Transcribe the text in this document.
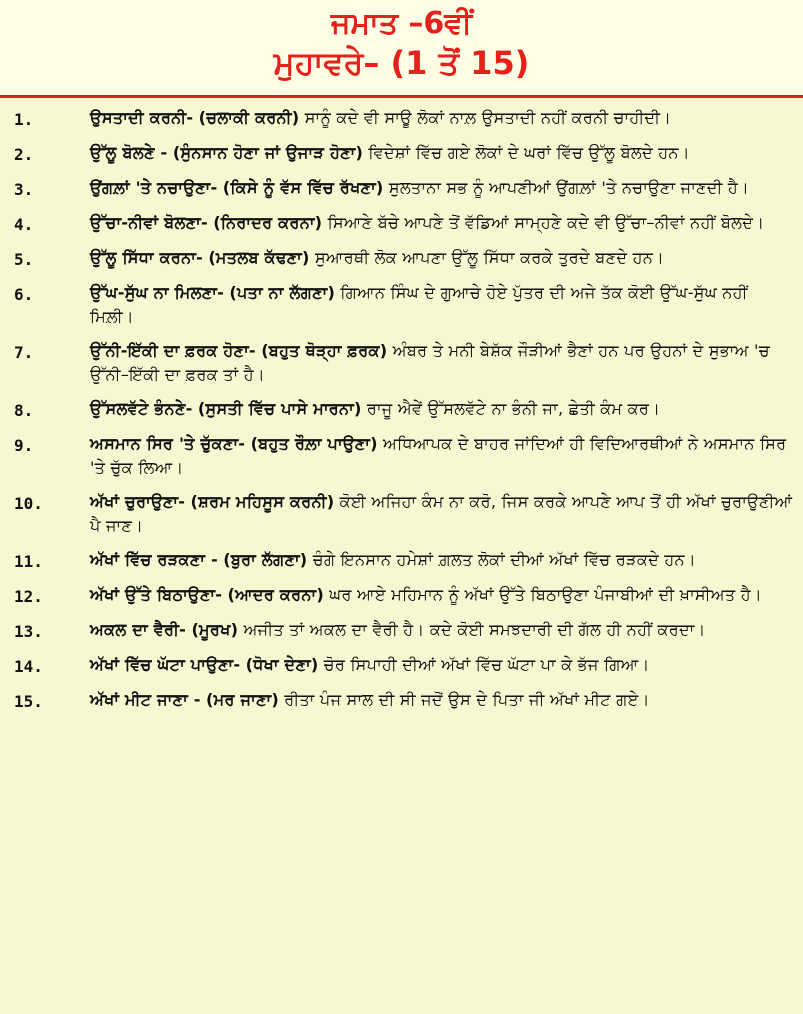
ਜਮਾਤ –6ਵੀਂ
ਮੁਹਾਵਰੇ– (1 ਤੋਂ 15)
1.	ਉਸਤਾਦੀ ਕਰਨੀ- (ਚਲਾਕੀ ਕਰਨੀ) ਸਾਨੂੰ ਕਦੇ ਵੀ ਸਾਊ ਲੋਕਾਂ ਨਾਲ਼ ਉਸਤਾਦੀ ਨਹੀਂ ਕਰਨੀ ਚਾਹੀਦੀ।
2.	ਉੱਲੂ ਬੋਲਣੇ - (ਸੁੰਨਸਾਨ ਹੋਣਾ ਜਾਂ ਉਜਾੜ ਹੋਣਾ) ਵਿਦੇਸ਼ਾਂ ਵਿੱਚ ਗਏ ਲੋਕਾਂ ਦੇ ਘਰਾਂ ਵਿੱਚ ਉੱਲੂ ਬੋਲਦੇ ਹਨ।
3.	ਉਂਗਲ਼ਾਂ 'ਤੇ ਨਚਾਉਣਾ- (ਕਿਸੇ ਨੂੰ ਵੱਸ ਵਿੱਚ ਰੱਖਣਾ) ਸੁਲਤਾਨਾ ਸਭ ਨੂੰ ਆਪਣੀਆਂ ਉਂਗਲ਼ਾਂ 'ਤੇ ਨਚਾਉਣਾ ਜਾਣਦੀ ਹੈ।
4.	ਉੱਚਾ-ਨੀਵਾਂ ਬੋਲਣਾ- (ਨਿਰਾਦਰ ਕਰਨਾ) ਸਿਆਣੇ ਬੱਚੇ ਆਪਣੇ ਤੋਂ ਵੱਡਿਆਂ ਸਾਮ੍ਹਣੇ ਕਦੇ ਵੀ ਉੱਚਾ–ਨੀਵਾਂ ਨਹੀਂ ਬੋਲਦੇ।
5.	ਉੱਲੂ ਸਿੱਧਾ ਕਰਨਾ- (ਮਤਲਬ ਕੱਢਣਾ) ਸੁਆਰਥੀ ਲੋਕ ਆਪਣਾ ਉੱਲੂ ਸਿੱਧਾ ਕਰਕੇ ਤੁਰਦੇ ਬਣਦੇ ਹਨ।
6.	ਉੱਘ-ਸੁੱਘ ਨਾ ਮਿਲਣਾ- (ਪਤਾ ਨਾ ਲੱਗਣਾ) ਗਿਆਨ ਸਿੰਘ ਦੇ ਗੁਆਚੇ ਹੋਏ ਪੁੱਤਰ ਦੀ ਅਜੇ ਤੱਕ ਕੋਈ ਉੱਘ-ਸੁੱਘ ਨਹੀਂ ਮਿਲ਼ੀ।
7.	ਉੱਨੀ-ਇੱਕੀ ਦਾ ਫ਼ਰਕ ਹੋਣਾ- (ਬਹੁਤ ਥੋੜ੍ਹਾ ਫ਼ਰਕ) ਅੰਬਰ ਤੇ ਮਨੀ ਬੇਸ਼ੱਕ ਜੌੜੀਆਂ ਭੈਣਾਂ ਹਨ ਪਰ ਉਹਨਾਂ ਦੇ ਸੁਭਾਅ 'ਚ ਉੱਨੀ–ਇੱਕੀ ਦਾ ਫ਼ਰਕ ਤਾਂ ਹੈ।
8.	ਉੱਸਲਵੱਟੇ ਭੰਨਣੇ- (ਸੁਸਤੀ ਵਿੱਚ ਪਾਸੇ ਮਾਰਨਾ) ਰਾਜੂ ਐਵੇਂ ਉੱਸਲਵੱਟੇ ਨਾ ਭੰਨੀ ਜਾ, ਛੇਤੀ ਕੰਮ ਕਰ।
9.	ਅਸਮਾਨ ਸਿਰ 'ਤੇ ਚੁੱਕਣਾ- (ਬਹੁਤ ਰੌਲ਼ਾ ਪਾਉਣਾ) ਅਧਿਆਪਕ ਦੇ ਬਾਹਰ ਜਾਂਦਿਆਂ ਹੀ ਵਿਦਿਆਰਥੀਆਂ ਨੇ ਅਸਮਾਨ ਸਿਰ 'ਤੇ ਚੁੱਕ ਲਿਆ।
10.	ਅੱਖਾਂ ਚੁਰਾਉਣਾ- (ਸ਼ਰਮ ਮਹਿਸੂਸ ਕਰਨੀ) ਕੋਈ ਅਜਿਹਾ ਕੰਮ ਨਾ ਕਰੋ, ਜਿਸ ਕਰਕੇ ਆਪਣੇ ਆਪ ਤੋਂ ਹੀ ਅੱਖਾਂ ਚੁਰਾਉਣੀਆਂ ਪੈ ਜਾਣ।
11.	ਅੱਖਾਂ ਵਿੱਚ ਰੜਕਣਾ - (ਬੁਰਾ ਲੱਗਣਾ) ਚੰਗੇ ਇਨਸਾਨ ਹਮੇਸ਼ਾਂ ਗ਼ਲਤ ਲੋਕਾਂ ਦੀਆਂ ਅੱਖਾਂ ਵਿੱਚ ਰੜਕਦੇ ਹਨ।
12.	ਅੱਖਾਂ ਉੱਤੇ ਬਿਠਾਉਣਾ- (ਆਦਰ ਕਰਨਾ) ਘਰ ਆਏ ਮਹਿਮਾਨ ਨੂੰ ਅੱਖਾਂ ਉੱਤੇ ਬਿਠਾਉਣਾ ਪੰਜਾਬੀਆਂ ਦੀ ਖ਼ਾਸੀਅਤ ਹੈ।
13.	ਅਕਲ ਦਾ ਵੈਰੀ- (ਮੂਰਖ) ਅਜੀਤ ਤਾਂ ਅਕਲ ਦਾ ਵੈਰੀ ਹੈ। ਕਦੇ ਕੋਈ ਸਮਝਦਾਰੀ ਦੀ ਗੱਲ ਹੀ ਨਹੀਂ ਕਰਦਾ।
14.	ਅੱਖਾਂ ਵਿੱਚ ਘੱਟਾ ਪਾਉਣਾ- (ਧੋਖਾ ਦੇਣਾ) ਚੋਰ ਸਿਪਾਹੀ ਦੀਆਂ ਅੱਖਾਂ ਵਿੱਚ ਘੱਟਾ ਪਾ ਕੇ ਭੱਜ ਗਿਆ।
15.	ਅੱਖਾਂ ਮੀਟ ਜਾਣਾ - (ਮਰ ਜਾਣਾ) ਰੀਤਾ ਪੰਜ ਸਾਲ ਦੀ ਸੀ ਜਦੋਂ ਉਸ ਦੇ ਪਿਤਾ ਜੀ ਅੱਖਾਂ ਮੀਟ ਗਏ।
